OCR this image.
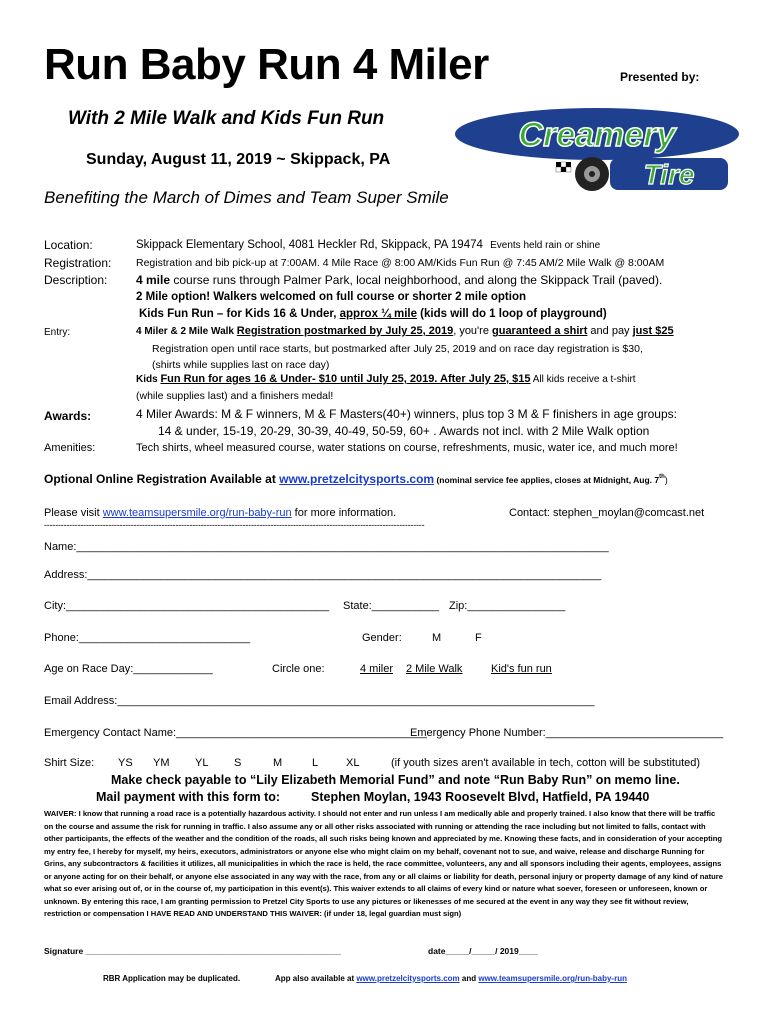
Run Baby Run 4 Miler	Presented by:
With 2 Mile Walk and Kids Fun Run
Sunday, August 11, 2019 ~ Skippack, PA
Benefiting the March of Dimes and Team Super Smile
Creamery
Tire
Location:	Skippack Elementary School, 4081 Heckler Rd, Skippack, PA 19474 Events held rain or shine
Registration: Registration and bib pick-up at 7:00AM. 4 Mile Race @ 8:00 AM/Kids Fun Run @ 7:45 AM/2 Mile Walk @ 8:00AM
Description: 4 mile course runs through Palmer Park, local neighborhood, and along the Skippack Trail (paved).
2 Mile option! Walkers welcomed on full course or shorter 2 mile option
Kids Fun Run – for Kids 16 & Under, approx ¼ mile (kids will do 1 loop of playground)
Entry:	4 Miler & 2 Mile Walk Registration postmarked by July 25, 2019, you're guaranteed a shirt and pay just $25
Registration open until race starts, but postmarked after July 25, 2019 and on race day registration is $30,
(shirts while supplies last on race day)
Kids Fun Run for ages 16 & Under- $10 until July 25, 2019. After July 25, $15 All kids receive a t-shirt
(while supplies last) and a finishers medal!
Awards:	4 Miler Awards: M & F winners, M & F Masters(40+) winners, plus top 3 M & F finishers in age groups:
14 & under, 15-19, 20-29, 30-39, 40-49, 50-59, 60+ . Awards not incl. with 2 Mile Walk option
Amenities:	Tech shirts, wheel measured course, water stations on course, refreshments, music, water ice, and much more!
Optional Online Registration Available at www.pretzelcitysports.com (nominal service fee applies, closes at Midnight, Aug. 7th)
Please visit www.teamsupersmile.org/run-baby-run for more information.	Contact: stephen_moylan@comcast.net
----------------------------------------------------------------------------------------------------------------------------------------
Name:_______________________________________________________________________________________
Address:____________________________________________________________________________________
City:___________________________________________ State:___________ Zip:________________
Phone:____________________________	Gender:	M	F
Age on Race Day:_____________	Circle one:	4 miler 2 Mile Walk	Kid's fun run
Email Address:______________________________________________________________________________
Emergency Contact Name:_________________________________________
Emergency Phone Number:_____________________________
Shirt Size: YS YM YL S	M	L	XL	(if youth sizes aren't available in tech, cotton will be substituted)
Make check payable to “Lily Elizabeth Memorial Fund” and note “Run Baby Run” on memo line.
Mail payment with this form to: Stephen Moylan, 1943 Roosevelt Blvd, Hatfield, PA 19440
WAIVER: I know that running a road race is a potentially hazardous activity. I should not enter and run unless I am medically able and properly trained. I also know that there will be traffic on the course and assume the risk for running in traffic. I also assume any or all other risks associated with running or attending the race including but not limited to falls, contact with other participants, the effects of the weather and the condition of the roads, all such risks being known and appreciated by me. Knowing these facts, and in consideration of your accepting my entry fee, I hereby for myself, my heirs, executors, administrators or anyone else who might claim on my behalf, covenant not to sue, and waive, release and discharge Running for Grins, any subcontractors & facilities it utilizes, all municipalities in which the race is held, the race committee, volunteers, any and all sponsors including their agents, employees, assigns or anyone acting for on their behalf, or anyone else associated in any way with the race, from any or all claims or liability for death, personal injury or property damage of any kind of nature what so ever arising out of, or in the course of, my participation in this event(s). This waiver extends to all claims of every kind or nature what soever, foreseen or unforeseen, known or unknown. By entering this race, I am granting permission to Pretzel City Sports to use any pictures or likenesses of me secured at the event in any way they see fit without review, restriction or compensation I HAVE READ AND UNDERSTAND THIS WAIVER: (if under 18, legal guardian must sign)
Signature ______________________________________________________	date_____/_____/ 2019____
RBR Application may be duplicated.	App also available at www.pretzelcitysports.com and www.teamsupersmile.org/run-baby-run
